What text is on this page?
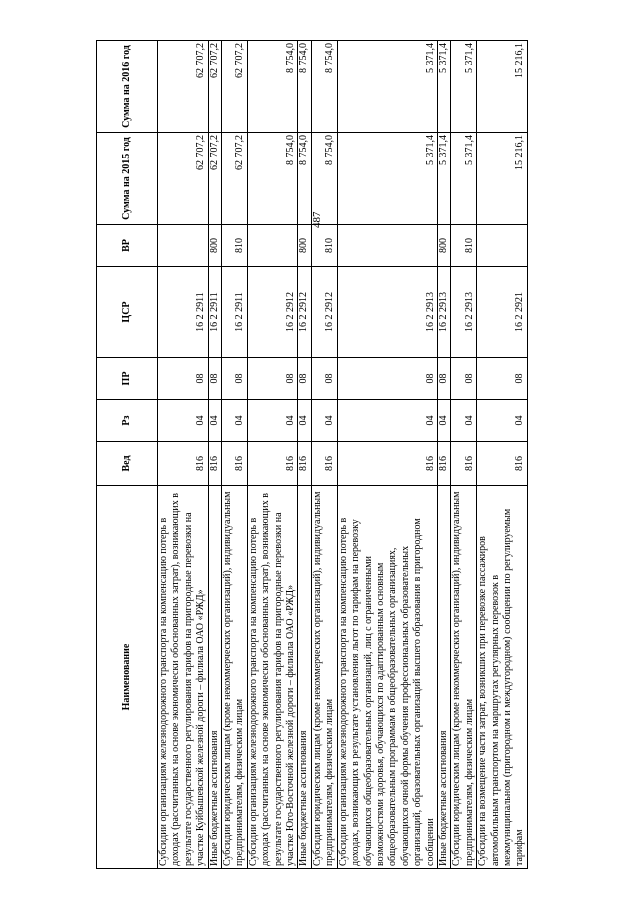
487
Наименование	Вед	Рз	ПР	ЦСР	ВР	Сумма на 2015 год	Сумма на 2016 год
Субсидии организациям железнодорожного транспорта на компенсацию потерь в доходах (рассчитанных на основе экономически обоснованных затрат), возникающих в результате государственного регулирования тарифов на пригородные перевозки на участке Куйбышевской железной дороги – филиала ОАО «РЖД»	816	04	08	16 2 2911		62 707,2	62 707,2
Иные бюджетные ассигнования	816	04	08	16 2 2911	800	62 707,2	62 707,2
Субсидии юридическим лицам (кроме некоммерческих организаций), индивидуальным предпринимателям, физическим лицам	816	04	08	16 2 2911	810	62 707,2	62 707,2
Субсидии организациям железнодорожного транспорта на компенсацию потерь в доходах (рассчитанных на основе экономически обоснованных затрат), возникающих в результате государственного регулирования тарифов на пригородные перевозки на участке Юго-Восточной железной дороги – филиала ОАО «РЖД»	816	04	08	16 2 2912		8 754,0	8 754,0
Иные бюджетные ассигнования	816	04	08	16 2 2912	800	8 754,0	8 754,0
Субсидии юридическим лицам (кроме некоммерческих организаций), индивидуальным предпринимателям, физическим лицам	816	04	08	16 2 2912	810	8 754,0	8 754,0
Субсидии организациям железнодорожного транспорта на компенсацию потерь в доходах, возникающих в результате установления льгот по тарифам на перевозку обучающихся общеобразовательных организаций, лиц с ограниченными возможностями здоровья, обучающихся по адаптированным основным общеобразовательным программам в общеобразовательных организациях, обучающихся очной формы обучения профессиональных образовательных организаций, образовательных организаций высшего образования в пригородном сообщении	816	04	08	16 2 2913		5 371,4	5 371,4
Иные бюджетные ассигнования	816	04	08	16 2 2913	800	5 371,4	5 371,4
Субсидии юридическим лицам (кроме некоммерческих организаций), индивидуальным предпринимателям, физическим лицам	816	04	08	16 2 2913	810	5 371,4	5 371,4
Субсидии на возмещение части затрат, возникших при перевозке пассажиров автомобильным транспортом на маршрутах регулярных перевозок в межмуниципальном (пригородном и междугородном) сообщении по регулируемым тарифам	816	04	08	16 2 2921		15 216,1	15 216,1
